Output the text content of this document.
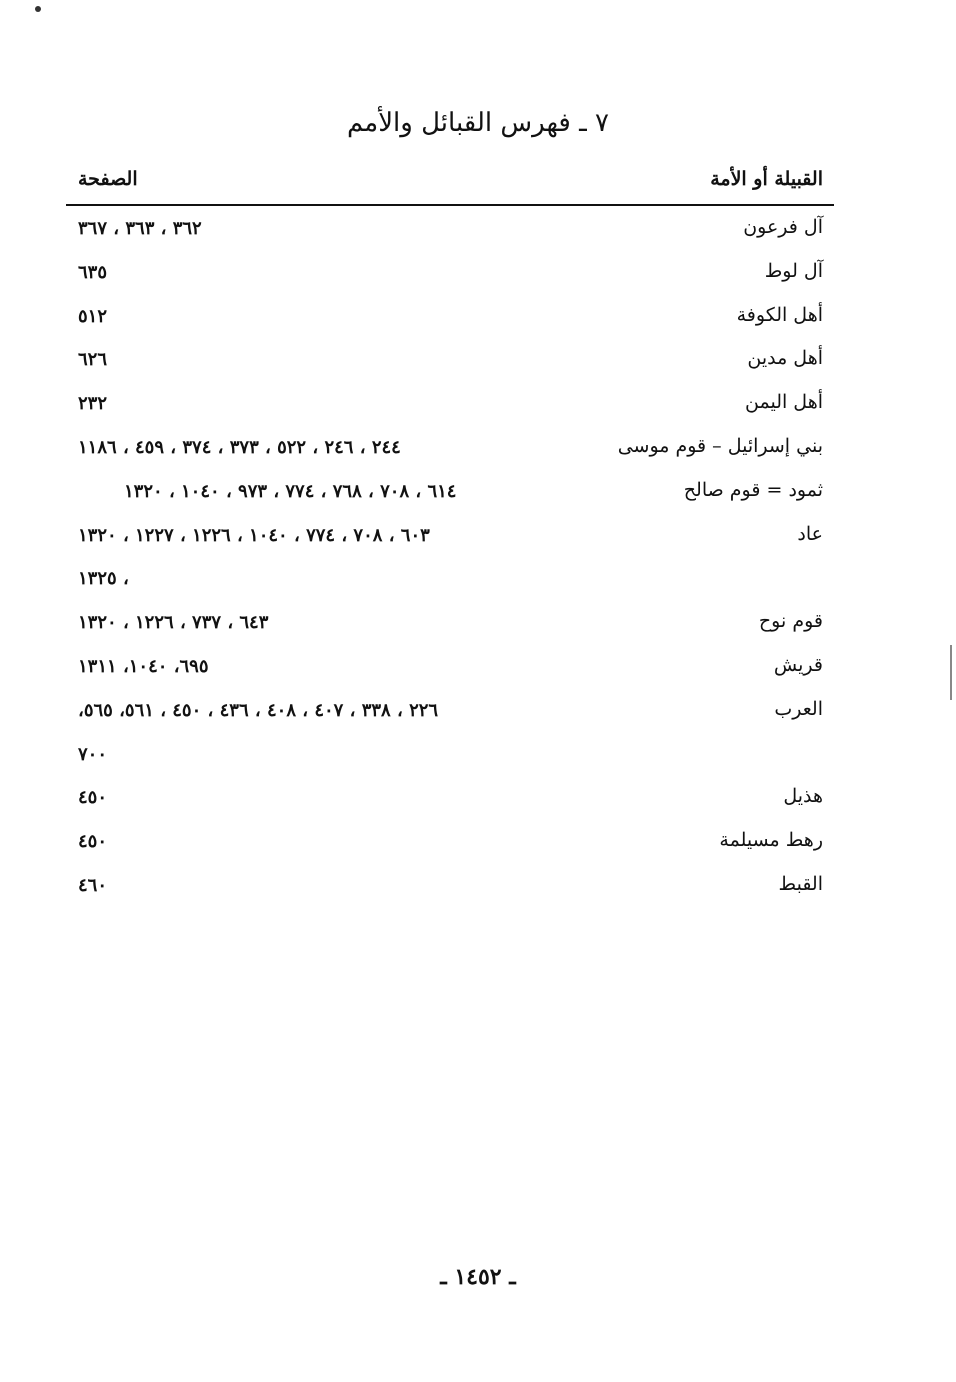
٧ ـ فهرس القبائل والأمم
القبيلة أو الأمة
الصفحة
آل فرعون
٣٦٢ ، ٣٦٣ ، ٣٦٧
آل لوط
٦٣٥
أهل الكوفة
٥١٢
أهل مدين
٦٢٦
أهل اليمن
٢٣٢
بني إسرائيل – قوم موسى
٢٤٤ ، ٢٤٦ ، ٥٢٢ ، ٣٧٣ ، ٣٧٤ ، ٤٥٩ ، ١١٨٦
ثمود = قوم صالح
٦١٤ ، ٧٠٨ ، ٧٦٨ ، ٧٧٤ ، ٩٧٣ ، ١٠٤٠ ، ١٣٢٠
عاد
٦٠٣ ، ٧٠٨ ، ٧٧٤ ، ١٠٤٠ ، ١٢٢٦ ، ١٢٢٧ ، ١٣٢٠
، ١٣٢٥
قوم نوح
٦٤٣ ، ٧٣٧ ، ١٢٢٦ ، ١٣٢٠
قريش
٦٩٥، ١٠٤٠، ١٣١١
العرب
٢٢٦ ، ٣٣٨ ، ٤٠٧ ، ٤٠٨ ، ٤٣٦ ، ٤٥٠ ، ٥٦١، ٥٦٥،
٧٠٠
هذيل
٤٥٠
رهط مسيلمة
٤٥٠
القبط
٤٦٠
ـ ١٤٥٢ ـ
